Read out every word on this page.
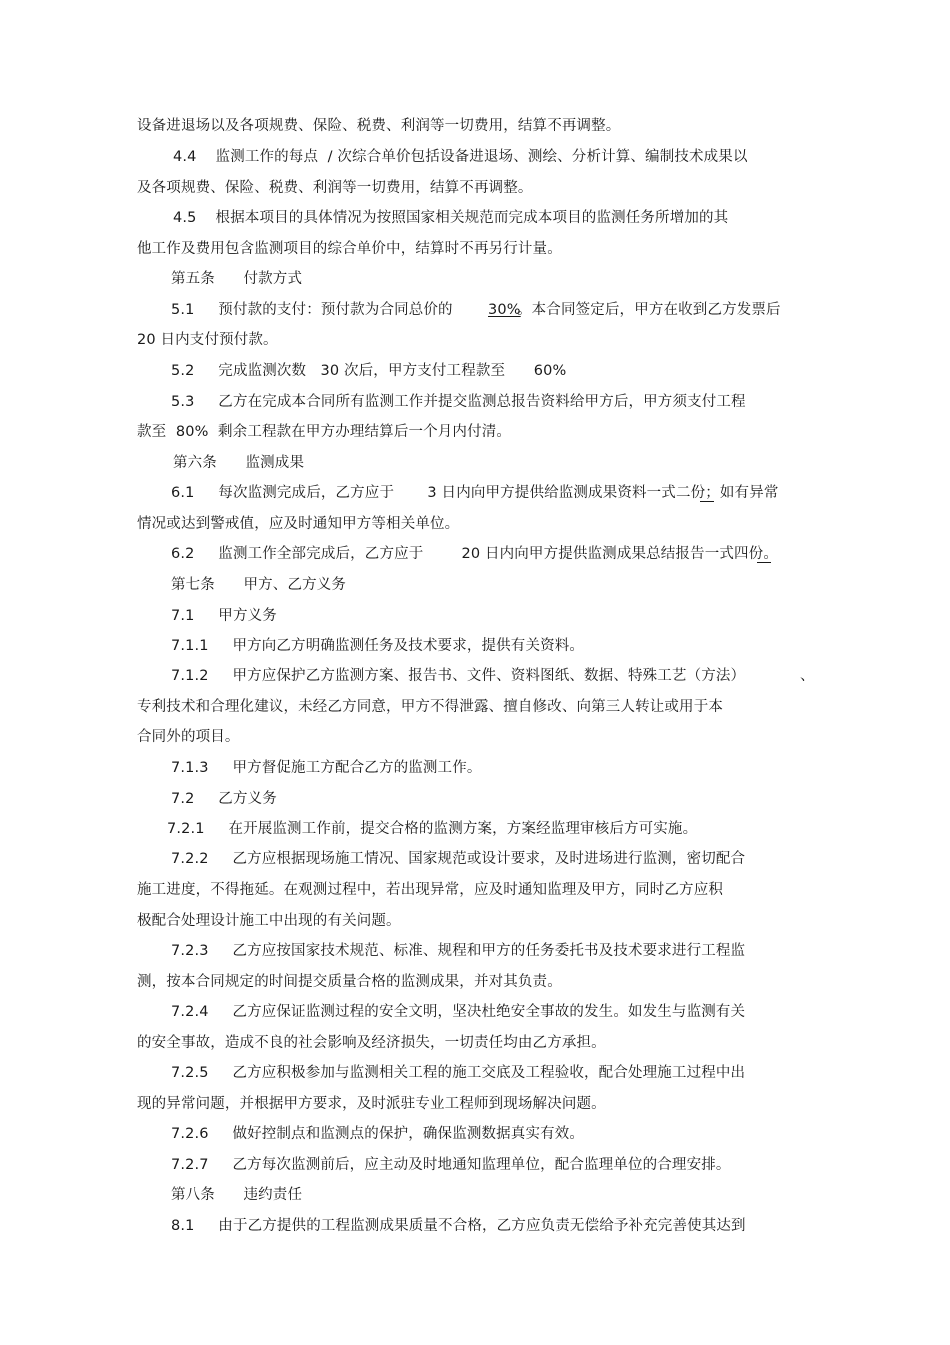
设备进退场以及各项规费、保险、税费、利润等一切费用，结算不再调整。
4.4    监测工作的每点  / 次综合单价包括设备进退场、测绘、分析计算、编制技术成果以
及各项规费、保险、税费、利润等一切费用，结算不再调整。
4.5    根据本项目的具体情况为按照国家相关规范而完成本项目的监测任务所增加的其
他工作及费用包含监测项目的综合单价中，结算时不再另行计量。
第五条      付款方式
5.1     预付款的支付：预付款为合同总价的 30%
。本合同签定后，甲方在收到乙方发票后
20 日内支付预付款。
5.2     完成监测次数   30 次后，甲方支付工程款至      60%
5.3     乙方在完成本合同所有监测工作并提交监测总报告资料给甲方后，甲方须支付工程
款至  80%  剩余工程款在甲方办理结算后一个月内付清。
第六条      监测成果
6.1     每次监测完成后，乙方应于       3 日内向甲方提供给监测成果资料一式二份；如有异常
情况或达到警戒值，应及时通知甲方等相关单位。
6.2     监测工作全部完成后，乙方应于        20 日内向甲方提供监测成果总结报告一式四份。
第七条      甲方、乙方义务
7.1     甲方义务
7.1.1     甲方向乙方明确监测任务及技术要求，提供有关资料。
7.1.2     甲方应保护乙方监测方案、报告书、文件、资料图纸、数据、特殊工艺（方法）	、
专利技术和合理化建议，未经乙方同意，甲方不得泄露、擅自修改、向第三人转让或用于本
合同外的项目。
7.1.3     甲方督促施工方配合乙方的监测工作。
7.2     乙方义务
7.2.1     在开展监测工作前，提交合格的监测方案，方案经监理审核后方可实施。
7.2.2     乙方应根据现场施工情况、国家规范或设计要求，及时进场进行监测，密切配合
施工进度，不得拖延。在观测过程中，若出现异常，应及时通知监理及甲方，同时乙方应积
极配合处理设计施工中出现的有关问题。
7.2.3     乙方应按国家技术规范、标准、规程和甲方的任务委托书及技术要求进行工程监
测，按本合同规定的时间提交质量合格的监测成果，并对其负责。
7.2.4     乙方应保证监测过程的安全文明，坚决杜绝安全事故的发生。如发生与监测有关
的安全事故，造成不良的社会影响及经济损失，一切责任均由乙方承担。
7.2.5     乙方应积极参加与监测相关工程的施工交底及工程验收，配合处理施工过程中出
现的异常问题，并根据甲方要求，及时派驻专业工程师到现场解决问题。
7.2.6     做好控制点和监测点的保护，确保监测数据真实有效。
7.2.7     乙方每次监测前后，应主动及时地通知监理单位，配合监理单位的合理安排。
第八条      违约责任
8.1     由于乙方提供的工程监测成果质量不合格，乙方应负责无偿给予补充完善使其达到
